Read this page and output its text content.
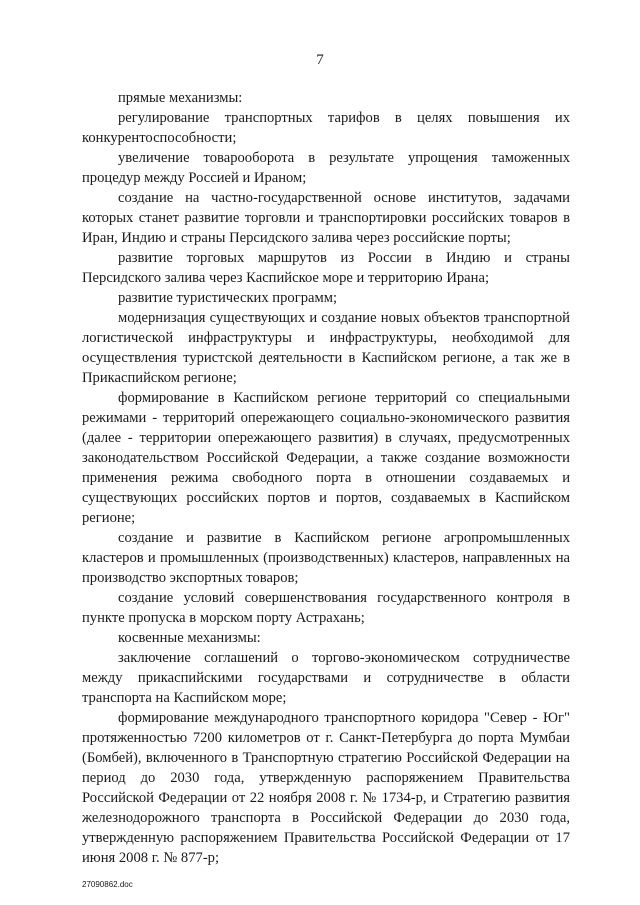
7

прямые механизмы:

регулирование транспортных тарифов в целях повышения их конкурентоспособности;

увеличение товарооборота в результате упрощения таможенных процедур между Россией и Ираном;

создание на частно-государственной основе институтов, задачами которых станет развитие торговли и транспортировки российских товаров в Иран, Индию и страны Персидского залива через российские порты;

развитие торговых маршрутов из России в Индию и страны Персидского залива через Каспийское море и территорию Ирана;

развитие туристических программ;

модернизация существующих и создание новых объектов транспортной логистической инфраструктуры и инфраструктуры, необходимой для осуществления туристской деятельности в Каспийском регионе, а так же в Прикаспийском регионе;

формирование в Каспийском регионе территорий со специальными режимами - территорий опережающего социально-экономического развития (далее - территории опережающего развития) в случаях, предусмотренных законодательством Российской Федерации, а также создание возможности применения режима свободного порта в отношении создаваемых и существующих российских портов и портов, создаваемых в Каспийском регионе;

создание и развитие в Каспийском регионе агропромышленных кластеров и промышленных (производственных) кластеров, направленных на производство экспортных товаров;

создание условий совершенствования государственного контроля в пункте пропуска в морском порту Астрахань;

косвенные механизмы:

заключение соглашений о торгово-экономическом сотрудничестве между прикаспийскими государствами и сотрудничестве в области транспорта на Каспийском море;

формирование международного транспортного коридора "Север - Юг" протяженностью 7200 километров от г. Санкт-Петербурга до порта Мумбаи (Бомбей), включенного в Транспортную стратегию Российской Федерации на период до 2030 года, утвержденную распоряжением Правительства Российской Федерации от 22 ноября 2008 г. № 1734-р, и Стратегию развития железнодорожного транспорта в Российской Федерации до 2030 года, утвержденную распоряжением Правительства Российской Федерации от 17 июня 2008 г. № 877-р;

27090862.doc
